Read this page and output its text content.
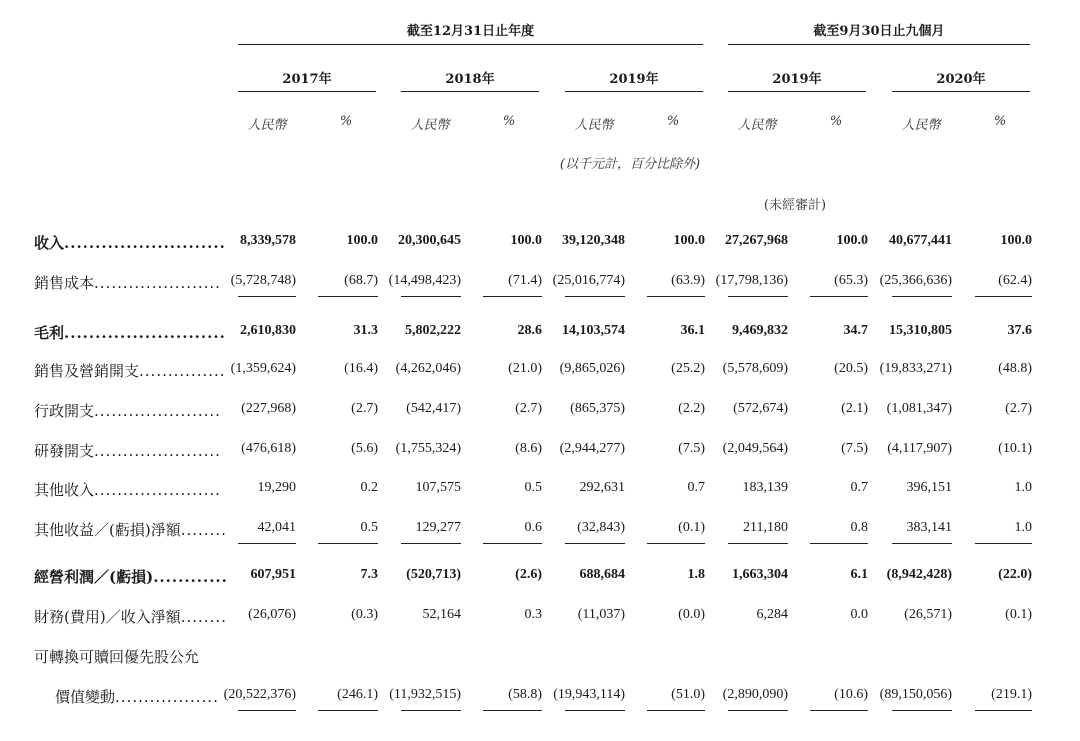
截至12月31日止年度	截至9月30日止九個月
2017年	2018年	2019年	2019年	2020年
人民幣	%	人民幣	%	人民幣	%	人民幣	%	人民幣	%
(以千元計，百分比除外)
(未經審計)
收入..........................	8,339,578	100.0	20,300,645	100.0	39,120,348	100.0	27,267,968	100.0	40,677,441	100.0
銷售成本...................... (5,728,748)	(68.7) (14,498,423)	(71.4) (25,016,774)	(63.9) (17,798,136)	(65.3) (25,366,636)	(62.4)
毛利..........................	2,610,830	31.3	5,802,222	28.6	14,103,574	36.1	9,469,832	34.7	15,310,805	37.6
銷售及營銷開支............... (1,359,624)	(16.4)	(4,262,046)	(21.0)	(9,865,026)	(25.2)	(5,578,609)	(20.5) (19,833,271)	(48.8)
行政開支......................	(227,968)	(2.7)	(542,417)	(2.7)	(865,375)	(2.2)	(572,674)	(2.1)	(1,081,347)	(2.7)
研發開支......................	(476,618)	(5.6)	(1,755,324)	(8.6)	(2,944,277)	(7.5)	(2,049,564)	(7.5)	(4,117,907)	(10.1)
其他收入......................	19,290	0.2	107,575	0.5	292,631	0.7	183,139	0.7	396,151	1.0
其他收益／(虧損)淨額........	42,041	0.5	129,277	0.6	(32,843)	(0.1)	211,180	0.8	383,141	1.0
經營利潤／(虧損)............	607,951	7.3	(520,713)	(2.6)	688,684	1.8	1,663,304	6.1	(8,942,428)	(22.0)
財務(費用)／收入淨額........	(26,076)	(0.3)	52,164	0.3	(11,037)	(0.0)	6,284	0.0	(26,571)	(0.1)
可轉換可贖回優先股公允
價值變動.................. (20,522,376)	(246.1) (11,932,515)	(58.8) (19,943,114)	(51.0)	(2,890,090)	(10.6) (89,150,056)	(219.1)
